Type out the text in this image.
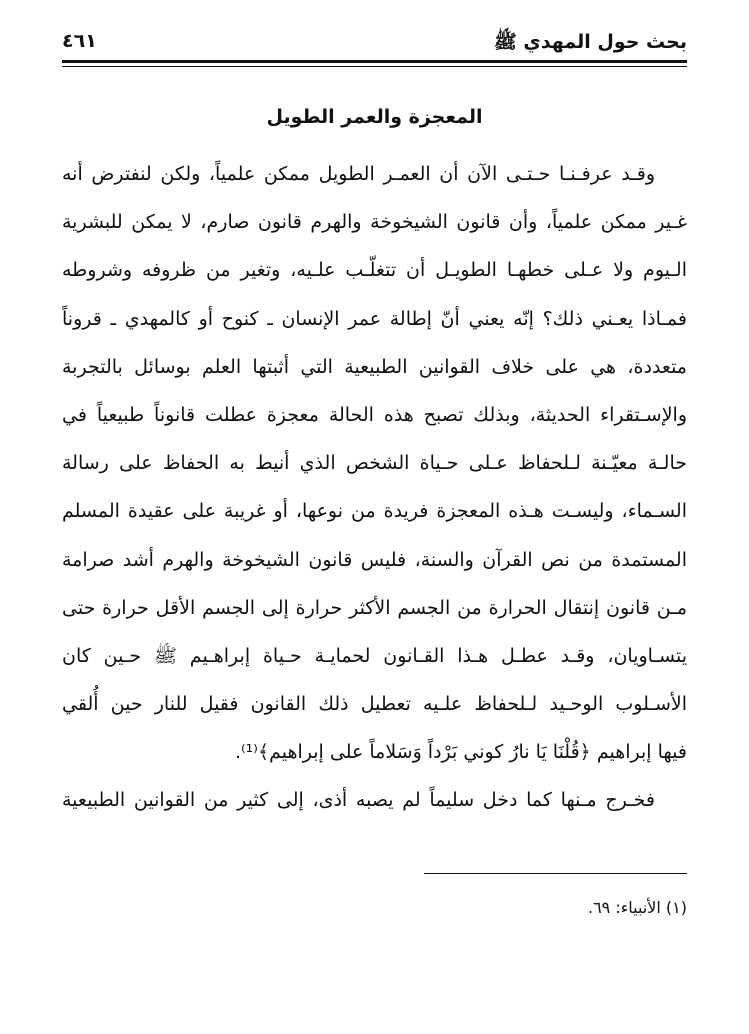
بحث حول المهدي ﷺ
٤٦١
المعجزة والعمر الطويل
وقـد عرفـنـا حـتـى الآن أن العمـر الطويل ممكن علمياً، ولكن لنفترض أنه
غـير ممكن علمياً، وأن قانون الشيخوخة والهرم قانون صارم، لا يمكن للبشرية
الـيوم ولا عـلى خطهـا الطويـل أن تتغلّـب علـيه، وتغير من ظروفه وشروطه
فمـاذا يعـني ذلك؟ إنّه يعني أنّ إطالة عمر الإنسان ـ كنوح أو كالمهدي ـ قروناً
متعددة، هي على خلاف القوانين الطبيعية التي أثبتها العلم بوسائل بالتجربة
والإسـتقراء الحديثة، وبذلك تصبح هذه الحالة معجزة عطلت قانوناً طبيعياً في
حالـة معيّـنة لـلحفاظ عـلى حـياة الشخص الذي أنيط به الحفاظ على رسالة
السـماء، وليسـت هـذه المعجزة فريدة من نوعها، أو غريبة على عقيدة المسلم
المستمدة من نص القرآن والسنة، فليس قانون الشيخوخة والهرم أشد صرامة
مـن قانون إنتقال الحرارة من الجسم الأكثر حرارة إلى الجسم الأقل حرارة حتى
يتسـاويان، وقـد عطـل هـذا القـانون لحمايـة حـياة إبراهـيم ﷺ حـين كان
الأسـلوب الوحـيد لـلحفاظ علـيه تعطيل ذلك القانون فقيل للنار حين أُلقي
فيها إبراهيم ﴿قُلْنَا يَا نارُ كوني بَرْداً وَسَلاماً على إبراهيم﴾⁽¹⁾.
فخـرج مـنها كما دخل سليماً لم يصبه أذى، إلى كثير من القوانين الطبيعية
(١) الأنبياء: ٦٩.
